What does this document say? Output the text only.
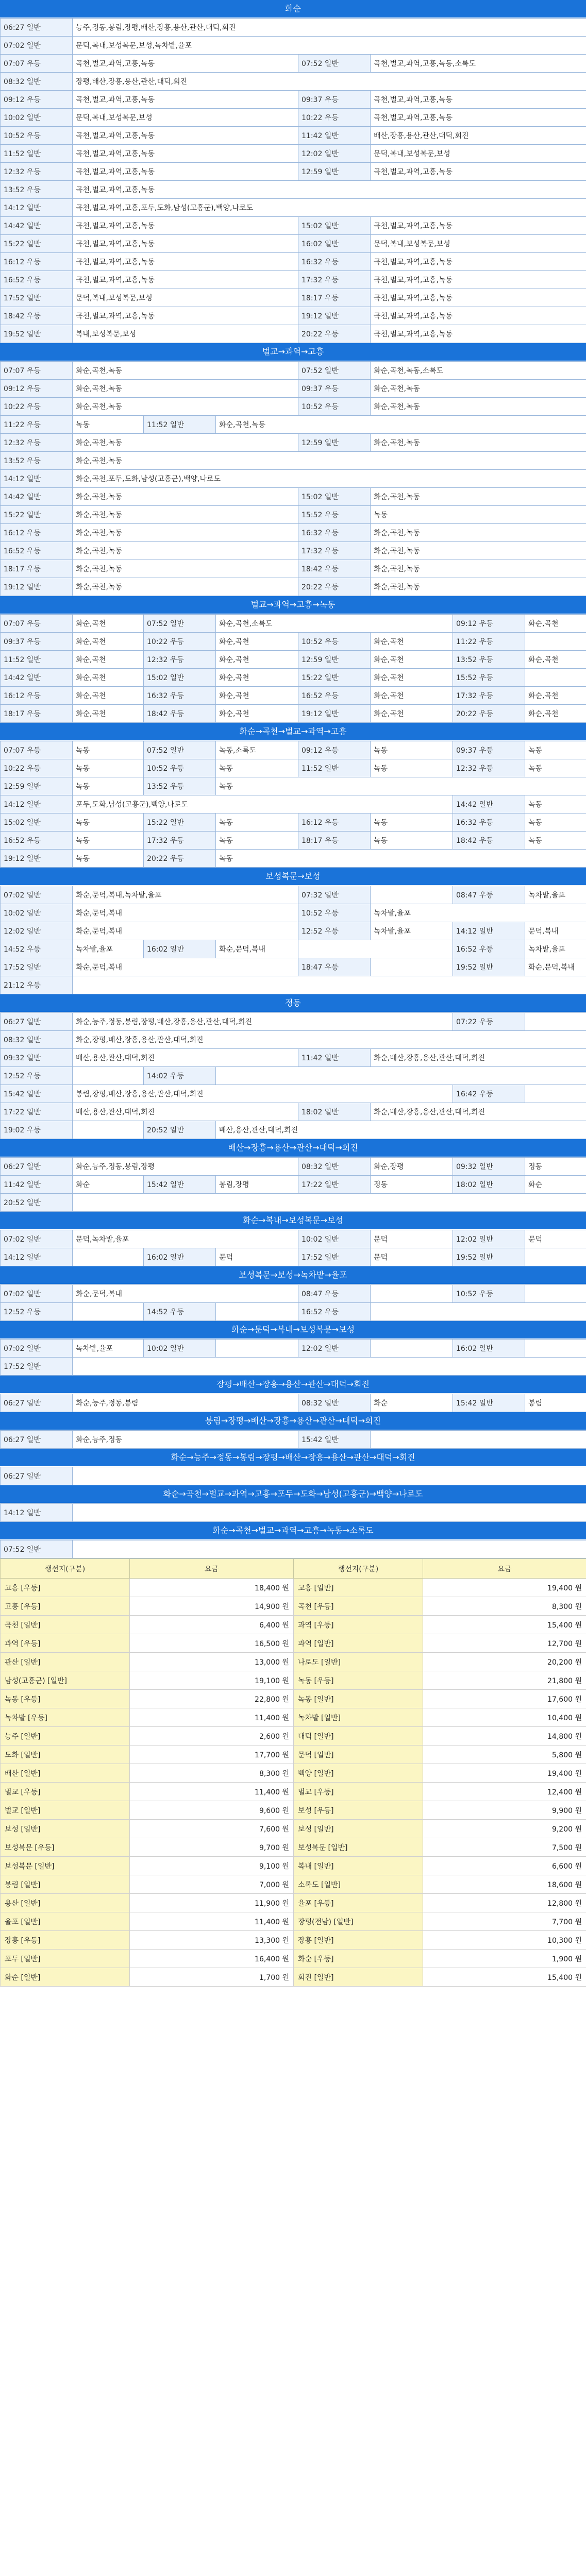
화순
06:27 일반	능주,정동,봉림,장평,배산,장흥,용산,관산,대덕,회진		
07:02 일반	문덕,복내,보성복문,보성,녹차밭,율포		
07:07 우등	곡천,벌교,과역,고흥,녹동	07:52 일반	곡천,벌교,과역,고흥,녹동,소록도
08:32 일반	장평,배산,장흥,용산,관산,대덕,회진		
09:12 우등	곡천,벌교,과역,고흥,녹동	09:37 우등	곡천,벌교,과역,고흥,녹동
10:02 일반	문덕,복내,보성복문,보성	10:22 우등	곡천,벌교,과역,고흥,녹동
10:52 우등	곡천,벌교,과역,고흥,녹동	11:42 일반	배산,장흥,용산,관산,대덕,회진
11:52 일반	곡천,벌교,과역,고흥,녹동	12:02 일반	문덕,복내,보성복문,보성
12:32 우등	곡천,벌교,과역,고흥,녹동	12:59 일반	곡천,벌교,과역,고흥,녹동
13:52 우등	곡천,벌교,과역,고흥,녹동		
14:12 일반	곡천,벌교,과역,고흥,포두,도화,남성(고흥군),백양,나로도		
14:42 일반	곡천,벌교,과역,고흥,녹동	15:02 일반	곡천,벌교,과역,고흥,녹동
15:22 일반	곡천,벌교,과역,고흥,녹동	16:02 일반	문덕,복내,보성복문,보성
16:12 우등	곡천,벌교,과역,고흥,녹동	16:32 우등	곡천,벌교,과역,고흥,녹동
16:52 우등	곡천,벌교,과역,고흥,녹동	17:32 우등	곡천,벌교,과역,고흥,녹동
17:52 일반	문덕,복내,보성복문,보성	18:17 우등	곡천,벌교,과역,고흥,녹동
18:42 우등	곡천,벌교,과역,고흥,녹동	19:12 일반	곡천,벌교,과역,고흥,녹동
19:52 일반	복내,보성복문,보성	20:22 우등	곡천,벌교,과역,고흥,녹동
벌교→과역→고흥
07:07 우등	화순,곡천,녹동			07:52 일반	화순,곡천,녹동,소록도
09:12 우등	화순,곡천,녹동			09:37 우등	화순,곡천,녹동
10:22 우등	화순,곡천,녹동			10:52 우등	화순,곡천,녹동
11:22 우등	녹동	11:52 일반	화순,곡천,녹동		
12:32 우등	화순,곡천,녹동			12:59 일반	화순,곡천,녹동
13:52 우등	화순,곡천,녹동				
14:12 일반	화순,곡천,포두,도화,남성(고흥군),백양,나로도				
14:42 일반	화순,곡천,녹동			15:02 일반	화순,곡천,녹동
15:22 일반	화순,곡천,녹동			15:52 우등	녹동
16:12 우등	화순,곡천,녹동			16:32 우등	화순,곡천,녹동
16:52 우등	화순,곡천,녹동			17:32 우등	화순,곡천,녹동
18:17 우등	화순,곡천,녹동			18:42 우등	화순,곡천,녹동
19:12 일반	화순,곡천,녹동			20:22 우등	화순,곡천,녹동
벌교→과역→고흥→녹동
07:07 우등	화순,곡천	07:52 일반	화순,곡천,소록도			09:12 우등	화순,곡천
09:37 우등	화순,곡천	10:22 우등	화순,곡천	10:52 우등	화순,곡천	11:22 우등	
11:52 일반	화순,곡천	12:32 우등	화순,곡천	12:59 일반	화순,곡천	13:52 우등	화순,곡천
14:42 일반	화순,곡천	15:02 일반	화순,곡천	15:22 일반	화순,곡천	15:52 우등	
16:12 우등	화순,곡천	16:32 우등	화순,곡천	16:52 우등	화순,곡천	17:32 우등	화순,곡천
18:17 우등	화순,곡천	18:42 우등	화순,곡천	19:12 일반	화순,곡천	20:22 우등	화순,곡천
화순→곡천→벌교→과역→고흥
07:07 우등	녹동	07:52 일반	녹동,소록도	09:12 우등	녹동	09:37 우등	녹동
10:22 우등	녹동	10:52 우등	녹동	11:52 일반	녹동	12:32 우등	녹동
12:59 일반	녹동	13:52 우등	녹동				
14:12 일반	포두,도화,남성(고흥군),백양,나로도					14:42 일반	녹동
15:02 일반	녹동	15:22 일반	녹동	16:12 우등	녹동	16:32 우등	녹동
16:52 우등	녹동	17:32 우등	녹동	18:17 우등	녹동	18:42 우등	녹동
19:12 일반	녹동	20:22 우등	녹동				
보성복문→보성
07:02 일반	화순,문덕,복내,녹차밭,율포			07:32 일반		08:47 우등	녹차밭,율포
10:02 일반	화순,문덕,복내			10:52 우등	녹차밭,율포		
12:02 일반	화순,문덕,복내			12:52 우등	녹차밭,율포	14:12 일반	문덕,복내
14:52 우등	녹차밭,율포	16:02 일반	화순,문덕,복내			16:52 우등	녹차밭,율포
17:52 일반	화순,문덕,복내			18:47 우등		19:52 일반	화순,문덕,복내
21:12 우등							
정동
06:27 일반	화순,능주,정동,봉림,장평,배산,장흥,용산,관산,대덕,회진					07:22 우등	
08:32 일반	화순,장평,배산,장흥,용산,관산,대덕,회진						
09:32 일반	배산,용산,관산,대덕,회진			11:42 일반	화순,배산,장흥,용산,관산,대덕,회진		
12:52 우등		14:02 우등					
15:42 일반	봉림,장평,배산,장흥,용산,관산,대덕,회진					16:42 우등	
17:22 일반	배산,용산,관산,대덕,회진			18:02 일반	화순,배산,장흥,용산,관산,대덕,회진		
19:02 우등		20:52 일반	배산,용산,관산,대덕,회진				
배산→장흥→용산→관산→대덕→회진
06:27 일반	화순,능주,정동,봉림,장평			08:32 일반	화순,장평	09:32 일반	정동
11:42 일반	화순	15:42 일반	봉림,장평	17:22 일반	정동	18:02 일반	화순
20:52 일반							
화순→복내→보성복문→보성
07:02 일반	문덕,녹차밭,율포			10:02 일반	문덕	12:02 일반	문덕
14:12 일반		16:02 일반	문덕	17:52 일반	문덕	19:52 일반	
보성복문→보성→녹차밭→율포
07:02 일반	화순,문덕,복내			08:47 우등		10:52 우등	
12:52 우등		14:52 우등		16:52 우등			
화순→문덕→복내→보성복문→보성
07:02 일반	녹차밭,율포	10:02 일반		12:02 일반		16:02 일반	
17:52 일반							
장평→배산→장흥→용산→관산→대덕→회진
06:27 일반	화순,능주,정동,봉림	08:32 일반	화순	15:42 일반	봉림
봉림→장평→배산→장흥→용산→관산→대덕→회진
06:27 일반	화순,능주,정동	15:42 일반	
화순→능주→정동→봉림→장평→배산→장흥→용산→관산→대덕→회진
06:27 일반	
화순→곡천→벌교→과역→고흥→포두→도화→남성(고흥군)→백양→나로도
14:12 일반	
화순→곡천→벌교→과역→고흥→녹동→소록도
07:52 일반	
행선지(구분)	요금	행선지(구분)	요금
고흥 [우등]	18,400 원	고흥 [일반]	19,400 원
고흥 [우등]	14,900 원	곡천 [우등]	8,300 원
곡천 [일반]	6,400 원	과역 [우등]	15,400 원
과역 [우등]	16,500 원	과역 [일반]	12,700 원
관산 [일반]	13,000 원	나로도 [일반]	20,200 원
남성(고흥군) [일반]	19,100 원	녹동 [우등]	21,800 원
녹동 [우등]	22,800 원	녹동 [일반]	17,600 원
녹차밭 [우등]	11,400 원	녹차밭 [일반]	10,400 원
능주 [일반]	2,600 원	대덕 [일반]	14,800 원
도화 [일반]	17,700 원	문덕 [일반]	5,800 원
배산 [일반]	8,300 원	백양 [일반]	19,400 원
벌교 [우등]	11,400 원	벌교 [우등]	12,400 원
벌교 [일반]	9,600 원	보성 [우등]	9,900 원
보성 [일반]	7,600 원	보성 [일반]	9,200 원
보성복문 [우등]	9,700 원	보성복문 [일반]	7,500 원
보성복문 [일반]	9,100 원	복내 [일반]	6,600 원
봉림 [일반]	7,000 원	소록도 [일반]	18,600 원
용산 [일반]	11,900 원	율포 [우등]	12,800 원
율포 [일반]	11,400 원	장평(전남) [일반]	7,700 원
장흥 [우등]	13,300 원	장흥 [일반]	10,300 원
포두 [일반]	16,400 원	화순 [우등]	1,900 원
화순 [일반]	1,700 원	회진 [일반]	15,400 원
